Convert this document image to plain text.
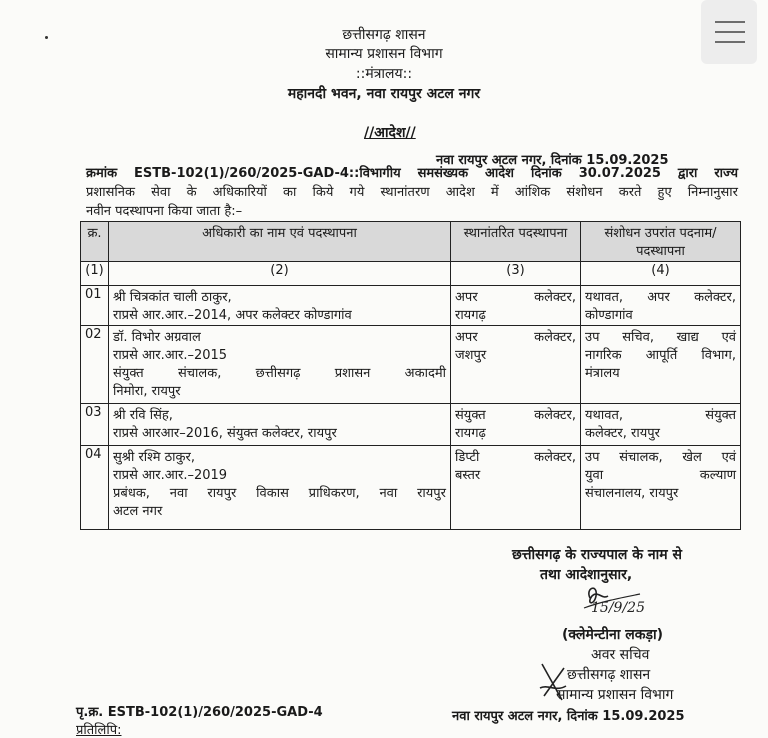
छत्तीसगढ़ शासन
सामान्य प्रशासन विभाग
::मंत्रालय::
महानदी भवन, नवा रायपुर अटल नगर
//आदेश//
नवा रायपुर अटल नगर, दिनांक 15.09.2025
क्रमांक ESTB-102(1)/260/2025-GAD-4::विभागीय समसंख्यक आदेश दिनांक 30.07.2025 द्वारा राज्य
प्रशासनिक सेवा के अधिकारियों का किये गये स्थानांतरण आदेश में आंशिक संशोधन करते हुए निम्नानुसार
नवीन पदस्थापना किया जाता है:–
क्र.	अधिकारी का नाम एवं पदस्थापना	स्थानांतरित पदस्थापना	संशोधन उपरांत पदनाम/पदस्थापना
(1)	(2)	(3)	(4)
01	श्री चित्रकांत चाली ठाकुर,
राप्रसे आर.आर.–2014, अपर कलेक्टर कोण्डागांव	अपर कलेक्टर,
रायगढ़	यथावत, अपर कलेक्टर,
कोण्डागांव

02	डॉ. विभोर अग्रवाल
राप्रसे आर.आर.–2015
संयुक्त संचालक, छत्तीसगढ़ प्रशासन अकादमी
निमोरा, रायपुर	अपर कलेक्टर,
जशपुर	उप सचिव, खाद्य एवं
नागरिक आपूर्ति विभाग,
मंत्रालय

03	श्री रवि सिंह,
राप्रसे आरआर–2016, संयुक्त कलेक्टर, रायपुर	संयुक्त कलेक्टर,
रायगढ़	यथावत, संयुक्त
कलेक्टर, रायपुर

04	सुश्री रश्मि ठाकुर,
राप्रसे आर.आर.–2019
प्रबंधक, नवा रायपुर विकास प्राधिकरण, नवा रायपुर
अटल नगर	डिप्टी कलेक्टर,
बस्तर	उप संचालक, खेल एवं
युवा कल्याण
संचालनालय, रायपुर
छत्तीसगढ़ के राज्यपाल के नाम से
तथा आदेशानुसार,
15/9/25
(क्लेमेन्टीना लकड़ा)
अवर सचिव
छत्तीसगढ़ शासन
सामान्य प्रशासन विभाग
पृ.क्र. ESTB-102(1)/260/2025-GAD-4	नवा रायपुर अटल नगर, दिनांक 15.09.2025
प्रतिलिपि:
